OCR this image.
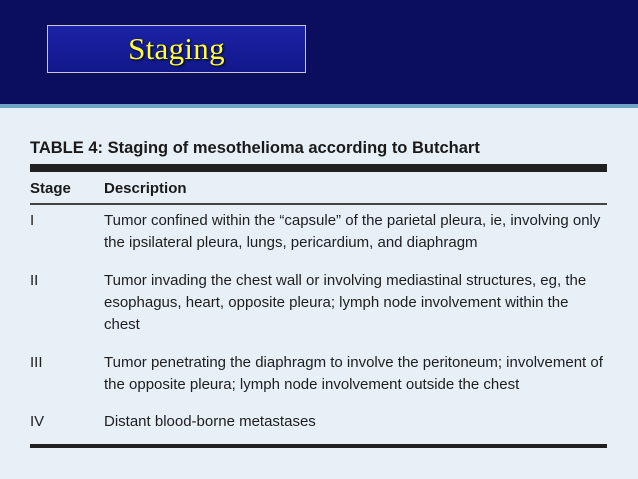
Staging
TABLE 4: Staging of mesothelioma according to Butchart
Stage Description
I	Tumor confined within the “capsule” of the parietal pleura, ie, involving only the ipsilateral pleura, lungs, pericardium, and diaphragm
II	Tumor invading the chest wall or involving mediastinal structures, eg, the esophagus, heart, opposite pleura; lymph node involvement within the chest
III	Tumor penetrating the diaphragm to involve the peritoneum; involvement of the opposite pleura; lymph node involvement outside the chest
IV	Distant blood-borne metastases
